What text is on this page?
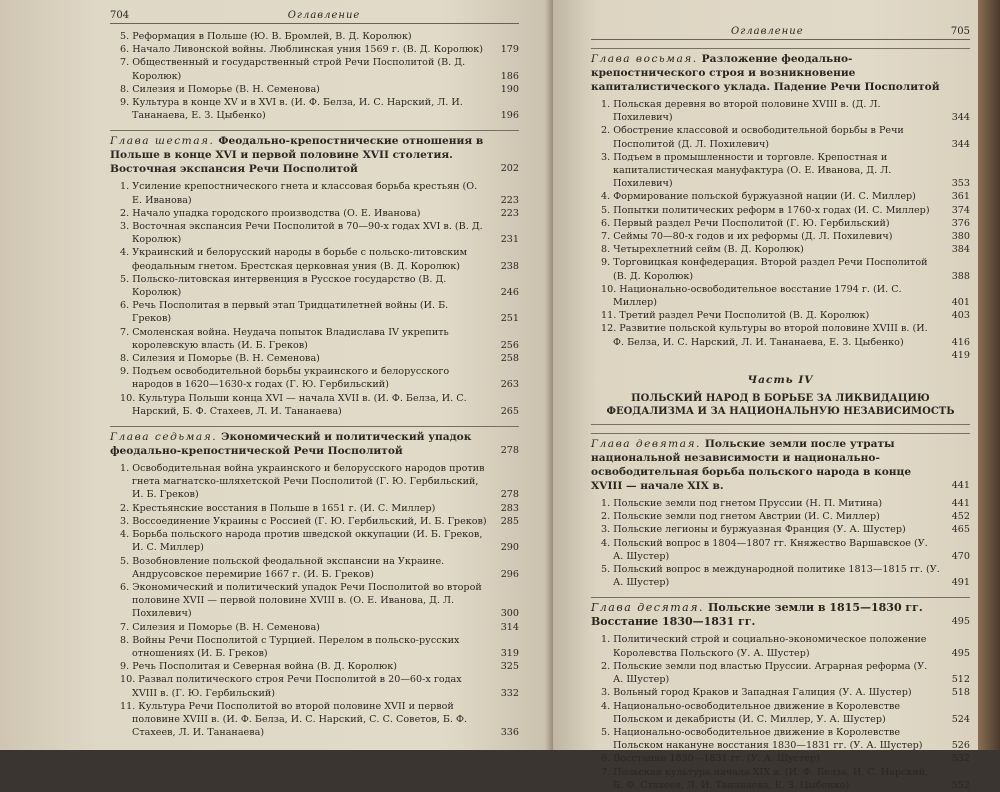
704	Оглавление
5. Реформация в Польше (Ю. В. Бромлей, В. Д. Королюк)
6. Начало Ливонской войны. Люблинская уния 1569 г. (В. Д. Королюк)	179
7. Общественный и государственный строй Речи Посполитой (В. Д. Королюк)	186
8. Силезия и Поморье (В. Н. Семенова)	190
9. Культура в конце XV и в XVI в. (И. Ф. Белза, И. С. Нарский, Л. И. Тананаева, Е. З. Цыбенко)	196
Глава шестая. Феодально-крепостнические отношения в Польше в конце XVI и первой половине XVII столетия. Восточная экспансия Речи Посполитой	202
1. Усиление крепостнического гнета и классовая борьба крестьян (О. Е. Иванова)	223
2. Начало упадка городского производства (О. Е. Иванова)	223
3. Восточная экспансия Речи Посполитой в 70—90-х годах XVI в. (В. Д. Королюк)	231
4. Украинский и белорусский народы в борьбе с польско-литовским феодальным гнетом. Брестская церковная уния (В. Д. Королюк)	238
5. Польско-литовская интервенция в Русское государство (В. Д. Королюк)	246
6. Речь Посполитая в первый этап Тридцатилетней войны (И. Б. Греков)	251
7. Смоленская война. Неудача попыток Владислава IV укрепить королевскую власть (И. Б. Греков)	256
8. Силезия и Поморье (В. Н. Семенова)	258
9. Подъем освободительной борьбы украинского и белорусского народов в 1620—1630-х годах (Г. Ю. Гербильский)	263
10. Культура Польши конца XVI — начала XVII в. (И. Ф. Белза, И. С. Нарский, Б. Ф. Стахеев, Л. И. Тананаева)	265
Глава седьмая. Экономический и политический упадок феодально-крепостнической Речи Посполитой	278
1. Освободительная война украинского и белорусского народов против гнета магнатско-шляхетской Речи Посполитой (Г. Ю. Гербильский, И. Б. Греков)	278
2. Крестьянские восстания в Польше в 1651 г. (И. С. Миллер)	283
3. Воссоединение Украины с Россией (Г. Ю. Гербильский, И. Б. Греков)	285
4. Борьба польского народа против шведской оккупации (И. Б. Греков, И. С. Миллер)	290
5. Возобновление польской феодальной экспансии на Украине. Андрусовское перемирие 1667 г. (И. Б. Греков)	296
6. Экономический и политический упадок Речи Посполитой во второй половине XVII — первой половине XVIII в. (О. Е. Иванова, Д. Л. Похилевич)	300
7. Силезия и Поморье (В. Н. Семенова)	314
8. Войны Речи Посполитой с Турцией. Перелом в польско-русских отношениях (И. Б. Греков)	319
9. Речь Посполитая и Северная война (В. Д. Королюк)	325
10. Развал политического строя Речи Посполитой в 20—60-х годах XVIII в. (Г. Ю. Гербильский)	332
11. Культура Речи Посполитой во второй половине XVII и первой половине XVIII в. (И. Ф. Белза, И. С. Нарский, С. С. Советов, Б. Ф. Стахеев, Л. И. Тананаева)	336
Оглавление	705
Глава восьмая. Разложение феодально-крепостнического строя и возникновение капиталистического уклада. Падение Речи Посполитой
1. Польская деревня во второй половине XVIII в. (Д. Л. Похилевич)	344
2. Обострение классовой и освободительной борьбы в Речи Посполитой (Д. Л. Похилевич)	344
3. Подъем в промышленности и торговле. Крепостная и капиталистическая мануфактура (О. Е. Иванова, Д. Л. Похилевич)	353
4. Формирование польской буржуазной нации (И. С. Миллер)	361
5. Попытки политических реформ в 1760-х годах (И. С. Миллер)	374
6. Первый раздел Речи Посполитой (Г. Ю. Гербильский)	376
7. Сеймы 70—80-х годов и их реформы (Д. Л. Похилевич)	380
8. Четырехлетний сейм (В. Д. Королюк)	384
9. Торговицкая конфедерация. Второй раздел Речи Посполитой (В. Д. Королюк)	388
10. Национально-освободительное восстание 1794 г. (И. С. Миллер)	401
11. Третий раздел Речи Посполитой (В. Д. Королюк)	403
12. Развитие польской культуры во второй половине XVIII в. (И. Ф. Белза, И. С. Нарский, Л. И. Тананаева, Е. З. Цыбенко)	416
419
Часть IV
ПОЛЬСКИЙ НАРОД В БОРЬБЕ ЗА ЛИКВИДАЦИЮ ФЕОДАЛИЗМА И ЗА НАЦИОНАЛЬНУЮ НЕЗАВИСИМОСТЬ
Глава девятая. Польские земли после утраты национальной независимости и национально-освободительная борьба польского народа в конце XVIII — начале XIX в.	441
1. Польские земли под гнетом Пруссии (Н. П. Митина)	441
2. Польские земли под гнетом Австрии (И. С. Миллер)	452
3. Польские легионы и буржуазная Франция (У. А. Шустер)	465
4. Польский вопрос в 1804—1807 гг. Княжество Варшавское (У. А. Шустер)	470
5. Польский вопрос в международной политике 1813—1815 гг. (У. А. Шустер)	491
Глава десятая. Польские земли в 1815—1830 гг. Восстание 1830—1831 гг.	495
1. Политический строй и социально-экономическое положение Королевства Польского (У. А. Шустер)	495
2. Польские земли под властью Пруссии. Аграрная реформа (У. А. Шустер)	512
3. Вольный город Краков и Западная Галиция (У. А. Шустер)	518
4. Национально-освободительное движение в Королевстве Польском и декабристы (И. С. Миллер, У. А. Шустер)	524
5. Национально-освободительное движение в Королевстве Польском накануне восстания 1830—1831 гг. (У. А. Шустер)	526
6. Восстание 1830—1831 гг. (У. А. Шустер)	532
7. Польская культура начала XIX в. (И. Ф. Белза, И. С. Нарский, Б. Ф. Стахеев, Л. И. Тананаева, Е. З. Цыбенко)	552
